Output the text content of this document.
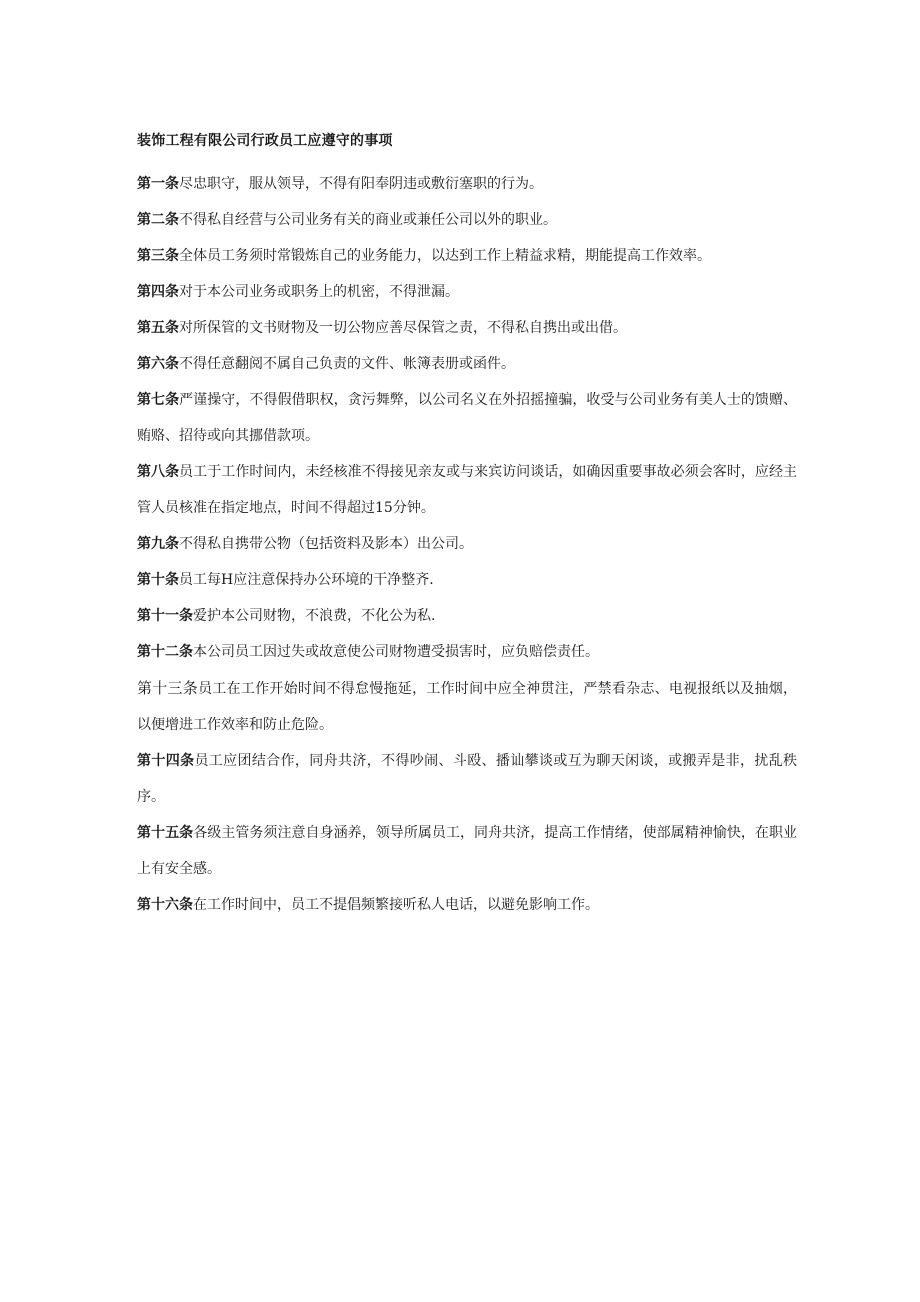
装饰工程有限公司行政员工应遵守的事项

第一条尽忠职守，服从领导，不得有阳奉阴违或敷衍塞职的行为。

第二条不得私自经营与公司业务有关的商业或兼任公司以外的职业。

第三条全体员工务须时常锻炼自己的业务能力，以达到工作上精益求精，期能提高工作效率。

第四条对于本公司业务或职务上的机密，不得泄漏。

第五条对所保管的文书财物及一切公物应善尽保管之责，不得私自携出或出借。

第六条不得任意翻阅不属自己负责的文件、帐簿表册或函件。

第七条严谨操守，不得假借职权，贪污舞弊，以公司名义在外招摇撞骗，收受与公司业务有美人士的馈赠、贿赂、招待或向其挪借款项。

第八条员工于工作时间内，未经核准不得接见亲友或与来宾访问谈话，如确因重要事故必须会客时，应经主管人员核准在指定地点，时间不得超过15分钟。

第九条不得私自携带公物（包括资料及影本）出公司。

第十条员工每H应注意保持办公环境的干净整齐.

第十一条爱护本公司财物，不浪费，不化公为私.

第十二条本公司员工因过失或故意使公司财物遭受损害时，应负赔偿责任。

第十三条员工在工作开始时间不得怠慢拖延，工作时间中应全神贯注，严禁看杂志、电视报纸以及抽烟，以便增进工作效率和防止危险。

第十四条员工应团结合作，同舟共济，不得吵闹、斗殴、播讪攀谈或互为聊天闲谈，或搬弄是非，扰乱秩序。

第十五条各级主管务须注意自身涵养，领导所属员工，同舟共济，提高工作情绪，使部属精神愉快，在职业上有安全感。

第十六条在工作时间中，员工不提倡频繁接听私人电话，以避免影响工作。
